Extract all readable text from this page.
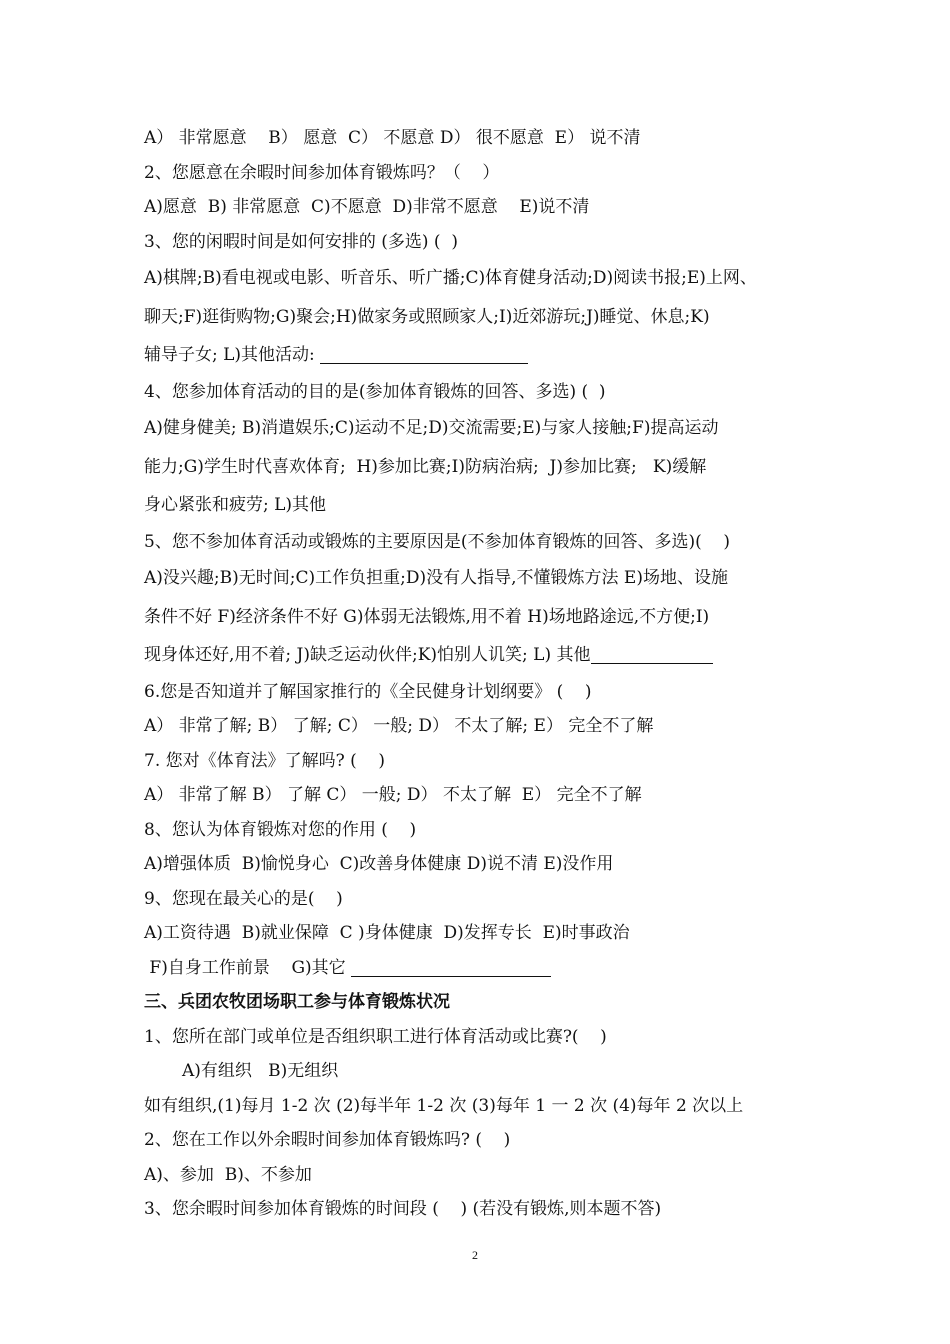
A） 非常愿意    B） 愿意  C） 不愿意 D） 很不愿意  E） 说不清
2、您愿意在余暇时间参加体育锻炼吗？（    ）
A)愿意  B) 非常愿意  C)不愿意  D)非常不愿意    E)说不清
3、您的闲暇时间是如何安排的 (多选) (  )
A)棋牌;B)看电视或电影、听音乐、听广播;C)体育健身活动;D)阅读书报;E)上网、
聊天;F)逛街购物;G)聚会;H)做家务或照顾家人;I)近郊游玩;J)睡觉、休息;K)
辅导子女; L)其他活动:
4、您参加体育活动的目的是(参加体育锻炼的回答、多选) (  )
A)健身健美; B)消遣娱乐;C)运动不足;D)交流需要;E)与家人接触;F)提高运动
能力;G)学生时代喜欢体育;  H)参加比赛;I)防病治病;  J)参加比赛;   K)缓解
身心紧张和疲劳; L)其他
5、您不参加体育活动或锻炼的主要原因是(不参加体育锻炼的回答、多选)(    )
A)没兴趣;B)无时间;C)工作负担重;D)没有人指导,不懂锻炼方法 E)场地、设施
条件不好 F)经济条件不好 G)体弱无法锻炼,用不着 H)场地路途远,不方便;I)
现身体还好,用不着; J)缺乏运动伙伴;K)怕别人讥笑; L) 其他
6.您是否知道并了解国家推行的《全民健身计划纲要》 (    )
A） 非常了解; B） 了解; C） 一般; D） 不太了解; E） 完全不了解
7. 您对《体育法》了解吗? (    )
A） 非常了解 B） 了解 C） 一般; D） 不太了解  E） 完全不了解
8、您认为体育锻炼对您的作用 (    )
A)增强体质  B)愉悦身心  C)改善身体健康 D)说不清 E)没作用
9、您现在最关心的是(    )
A)工资待遇  B)就业保障  C )身体健康  D)发挥专长  E)时事政治
F)自身工作前景    G)其它
三、兵团农牧团场职工参与体育锻炼状况
1、您所在部门或单位是否组织职工进行体育活动或比赛?(    )
A)有组织   B)无组织
如有组织,(1)每月 1-2 次 (2)每半年 1-2 次 (3)每年 1 一 2 次 (4)每年 2 次以上
2、您在工作以外余暇时间参加体育锻炼吗? (    )
A)、参加  B)、不参加
3、您余暇时间参加体育锻炼的时间段 (    ) (若没有锻炼,则本题不答)
2
